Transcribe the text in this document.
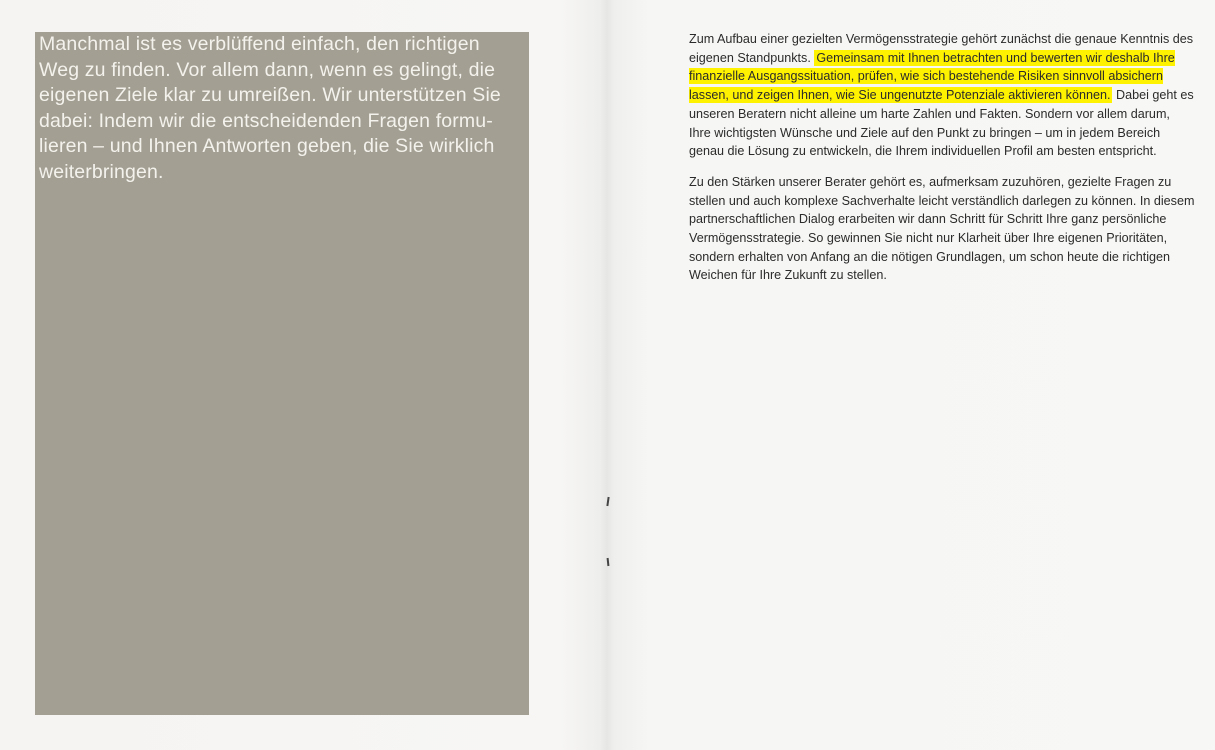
Manchmal ist es verblüffend einfach, den richtigen
Weg zu finden. Vor allem dann, wenn es gelingt, die
eigenen Ziele klar zu umreißen. Wir unterstützen Sie
dabei: Indem wir die entscheidenden Fragen formu-
lieren – und Ihnen Antworten geben, die Sie wirklich
weiterbringen.

Zum Aufbau einer gezielten Vermögensstrategie gehört zunächst die genaue Kenntnis des eigenen Standpunkts. Gemeinsam mit Ihnen betrachten und bewerten wir deshalb Ihre finanzielle Ausgangssituation, prüfen, wie sich bestehende Risiken sinnvoll absichern lassen, und zeigen Ihnen, wie Sie ungenutzte Potenziale aktivieren können. Dabei geht es unseren Beratern nicht alleine um harte Zahlen und Fakten. Sondern vor allem darum, Ihre wichtigsten Wünsche und Ziele auf den Punkt zu bringen – um in jedem Bereich genau die Lösung zu entwickeln, die Ihrem individuellen Profil am besten entspricht.

Zu den Stärken unserer Berater gehört es, aufmerksam zuzuhören, gezielte Fragen zu stellen und auch komplexe Sachverhalte leicht verständlich darlegen zu können. In diesem partnerschaftlichen Dialog erarbeiten wir dann Schritt für Schritt Ihre ganz persönliche Vermögensstrategie. So gewinnen Sie nicht nur Klarheit über Ihre eigenen Prioritäten, sondern erhalten von Anfang an die nötigen Grundlagen, um schon heute die richtigen Weichen für Ihre Zukunft zu stellen.
